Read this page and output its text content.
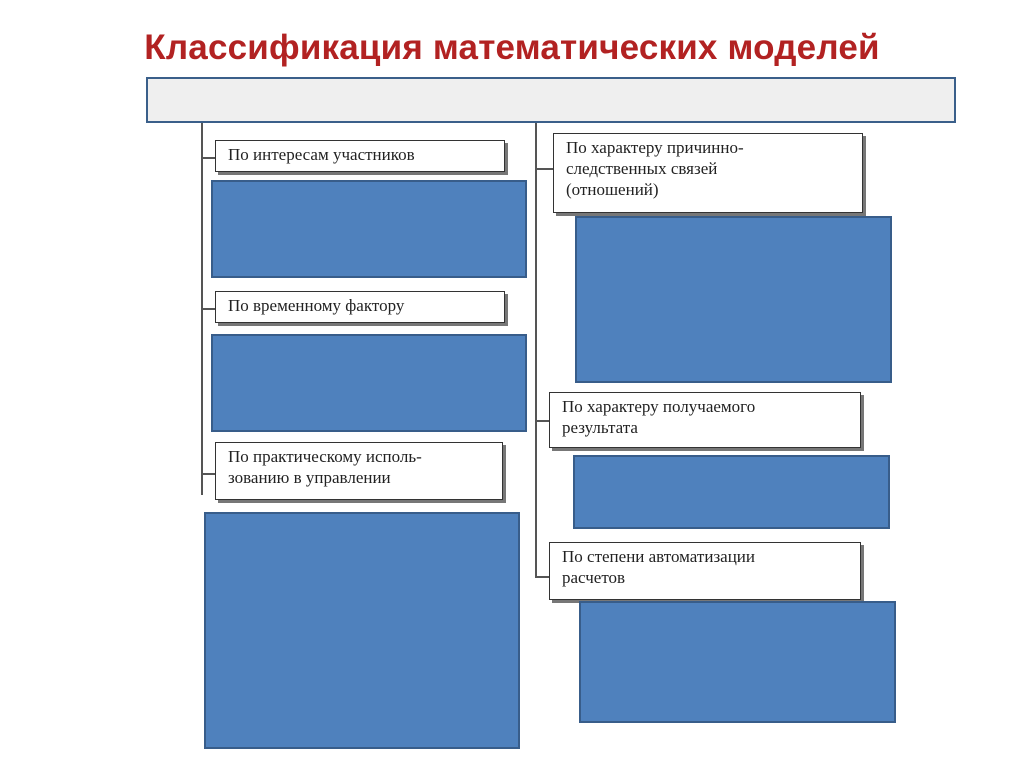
Классификация математических моделей
По интересам участников
По временному фактору
По практическому исполь-
зованию в управлении
По характеру причинно-
следственных связей
(отношений)
По характеру получаемого
результата
По степени автоматизации
расчетов
